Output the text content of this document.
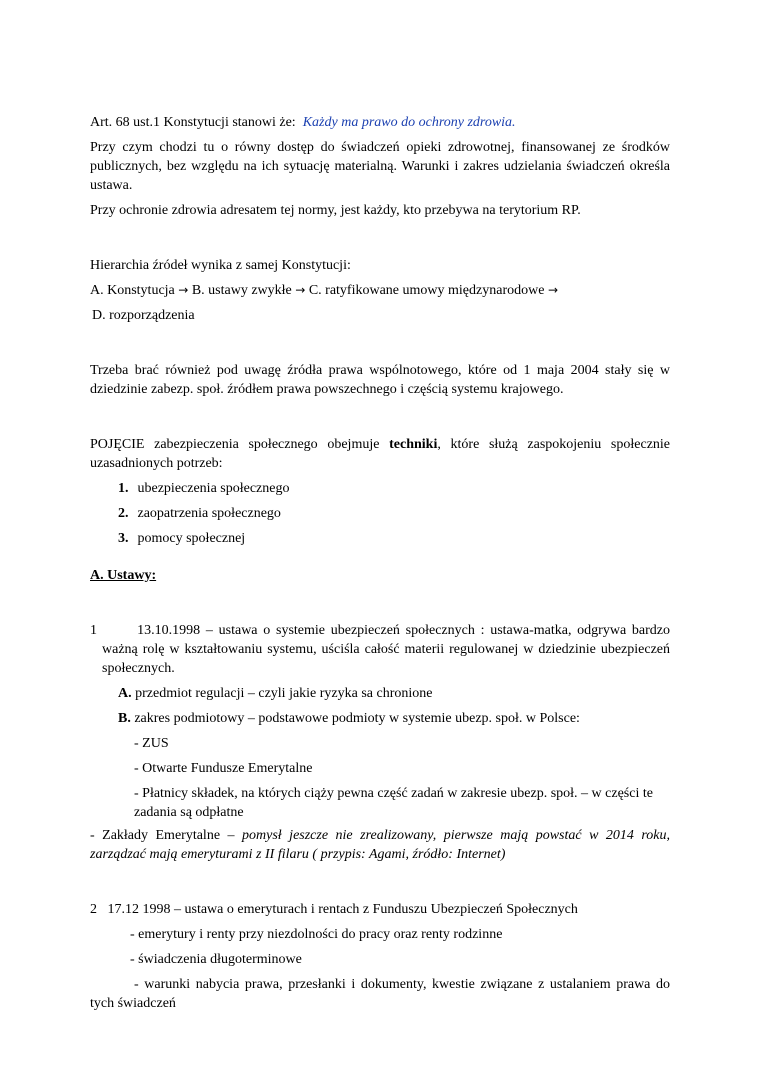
Art. 68 ust.1 Konstytucji stanowi że: Każdy ma prawo do ochrony zdrowia.

Przy czym chodzi tu o równy dostęp do świadczeń opieki zdrowotnej, finansowanej ze środków publicznych, bez względu na ich sytuację materialną. Warunki i zakres udzielania świadczeń określa ustawa.

Przy ochronie zdrowia adresatem tej normy, jest każdy, kto przebywa na terytorium RP.

Hierarchia źródeł wynika z samej Konstytucji:

A. Konstytucja → B. ustawy zwykłe → C. ratyfikowane umowy międzynarodowe →

D. rozporządzenia

Trzeba brać również pod uwagę źródła prawa wspólnotowego, które od 1 maja 2004 stały się w dziedzinie zabezp. społ. źródłem prawa powszechnego i częścią systemu krajowego.

POJĘCIE zabezpieczenia społecznego obejmuje techniki, które służą zaspokojeniu społecznie uzasadnionych potrzeb:

1. ubezpieczenia społecznego
2. zaopatrzenia społecznego
3. pomocy społecznej

A. Ustawy:

1	13.10.1998 – ustawa o systemie ubezpieczeń społecznych : ustawa-matka, odgrywa bardzo ważną rolę w kształtowaniu systemu, uściśla całość materii regulowanej w dziedzinie ubezpieczeń społecznych.

A. przedmiot regulacji – czyli jakie ryzyka sa chronione
B. zakres podmiotowy – podstawowe podmioty w systemie ubezp. społ. w Polsce:
- ZUS
- Otwarte Fundusze Emerytalne
- Płatnicy składek, na których ciąży pewna część zadań w zakresie ubezp. społ. – w części te zadania są odpłatne

- Zakłady Emerytalne – pomysł jeszcze nie zrealizowany, pierwsze mają powstać w 2014 roku, zarządzać mają emeryturami z II filaru ( przypis: Agami, źródło: Internet)

2 17.12 1998 – ustawa o emeryturach i rentach z Funduszu Ubezpieczeń Społecznych

- emerytury i renty przy niezdolności do pracy oraz renty rodzinne
- świadczenia długoterminowe

- warunki nabycia prawa, przesłanki i dokumenty, kwestie związane z ustalaniem prawa do tych świadczeń
